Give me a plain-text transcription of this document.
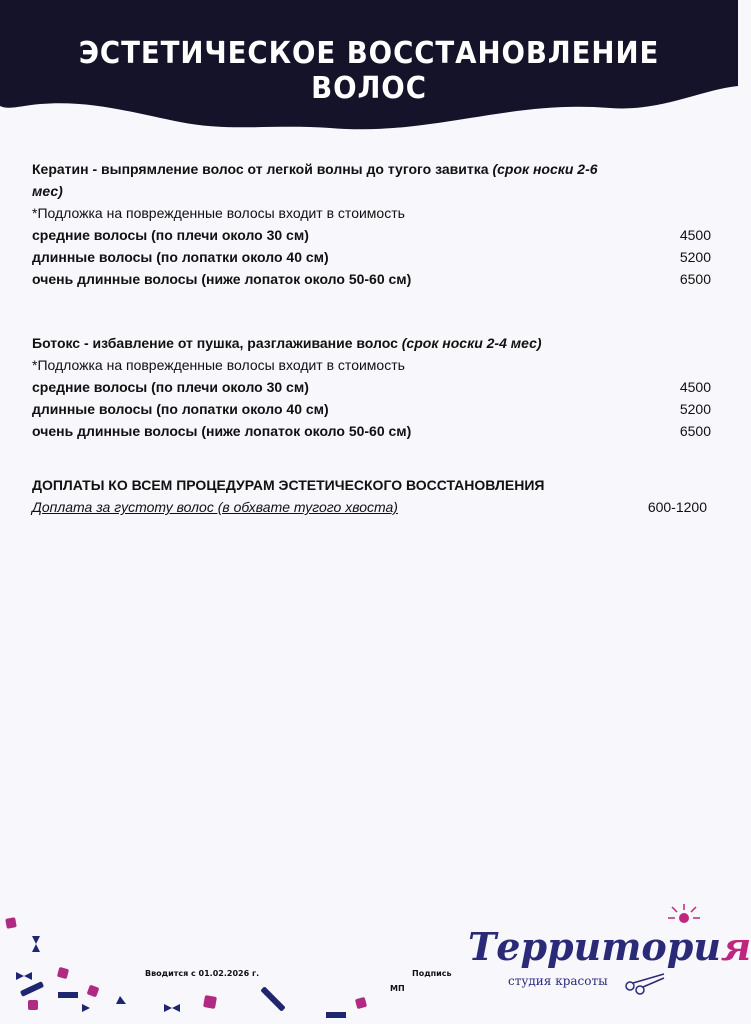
ЭСТЕТИЧЕСКОЕ ВОССТАНОВЛЕНИЕ ВОЛОС
Кератин - выпрямление волос от легкой волны до тугого завитка (срок носки 2-6 мес)
*Подложка на поврежденные волосы входит в стоимость
средние волосы (по плечи около 30 см)	4500
длинные волосы (по лопатки около 40 см)	5200
очень длинные волосы (ниже лопаток около 50-60 см)	6500
Ботокс - избавление от пушка, разглаживание волос (срок носки 2-4 мес)
*Подложка на поврежденные волосы входит в стоимость
средние волосы (по плечи около 30 см)	4500
длинные волосы (по лопатки около 40 см)	5200
очень длинные волосы (ниже лопаток около 50-60 см)	6500
ДОПЛАТЫ КО ВСЕМ ПРОЦЕДУРАМ ЭСТЕТИЧЕСКОГО ВОССТАНОВЛЕНИЯ
Доплата за густоту волос (в обхвате тугого хвоста)	600-1200
Вводится с 01.02.2026 г.	Подпись
МП
Территория
студия красоты
